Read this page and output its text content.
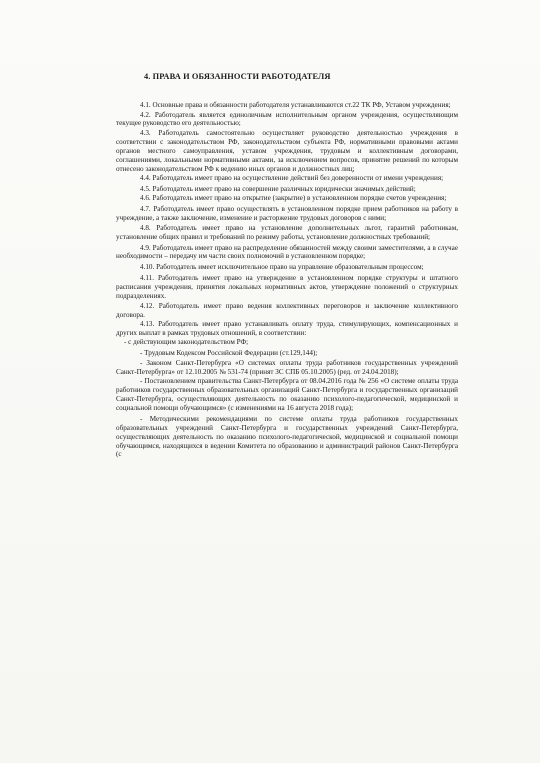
4. ПРАВА И ОБЯЗАННОСТИ РАБОТОДАТЕЛЯ

4.1. Основные права и обязанности работодателя устанавливаются ст.22 ТК РФ, Уставом учреждения;

4.2. Работодатель является единоличным исполнительным органом учреждения, осуществляющим текущее руководство его деятельностью;

4.3. Работодатель самостоятельно осуществляет руководство деятельностью учреждения в соответствии с законодательством РФ, законодательством субъекта РФ, нормативными правовыми актами органов местного самоуправления, уставом учреждения, трудовым и коллективным договорами, соглашениями, локальными нормативными актами, за исключением вопросов, принятие решений по которым отнесено законодательством РФ к ведению иных органов и должностных лиц;

4.4. Работодатель имеет право на осуществление действий без доверенности от имени учреждения;

4.5. Работодатель имеет право на совершение различных юридически значимых действий;

4.6. Работодатель имеет право на открытие (закрытие) в установленном порядке счетов учреждения;

4.7. Работодатель имеет право осуществлять в установленном порядке прием работников на работу в учреждение, а также заключение, изменение и расторжение трудовых договоров с ними;

4.8. Работодатель имеет право на установление дополнительных льгот, гарантий работникам, установление общих правил и требований по режиму работы, установление должностных требований;

4.9. Работодатель имеет право на распределение обязанностей между своими заместителями, а в случае необходимости – передачу им части своих полномочий в установленном порядке;

4.10. Работодатель имеет исключительное право на управление образовательным процессом;

4.11. Работодатель имеет право на утверждение в установленном порядке структуры и штатного расписания учреждения, принятия локальных нормативных актов, утверждение положений о структурных подразделениях.

4.12. Работодатель имеет право ведения коллективных переговоров и заключение коллективного договора.

4.13. Работодатель имеет право устанавливать оплату труда, стимулирующих, компенсационных и других выплат в рамках трудовых отношений, в соответствии:

- с действующим законодательством РФ;

- Трудовым Кодексом Российской Федерации (ст.129,144);

- Законом Санкт-Петербурга «О системах оплаты труда работников государственных учреждений Санкт-Петербурга» от 12.10.2005 № 531-74 (принят ЗС СПБ 05.10.2005) (ред. от 24.04.2018);

- Постановлением правительства Санкт-Петербурга от 08.04.2016 года № 256 «О системе оплаты труда работников государственных образовательных организаций Санкт-Петербурга и государственных организаций Санкт-Петербурга, осуществляющих деятельность по оказанию психолого-педагогической, медицинской и социальной помощи обучающимся» (с изменениями на 16 августа 2018 года);

- Методическими рекомендациями по системе оплаты труда работников государственных образовательных учреждений Санкт-Петербурга и государственных учреждений Санкт-Петербурга, осуществляющих деятельность по оказанию психолого-педагогической, медицинской и социальной помощи обучающимся, находящихся в ведении Комитета по образованию и администраций районов Санкт-Петербурга (с
